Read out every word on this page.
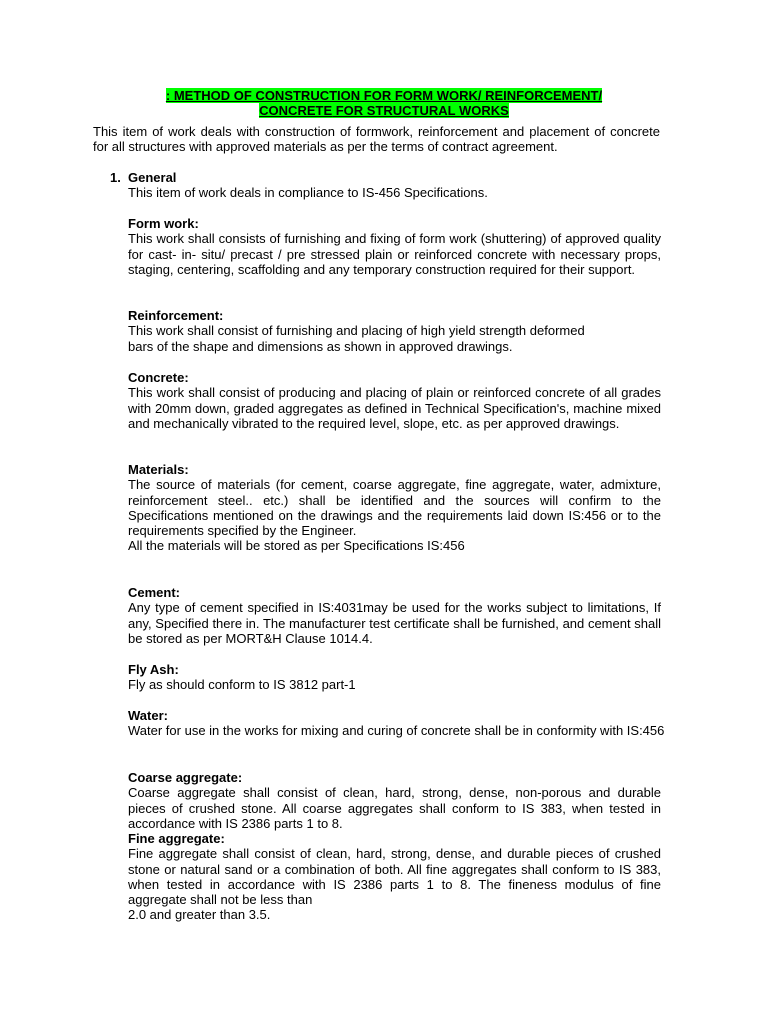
: METHOD OF CONSTRUCTION FOR FORM WORK/ REINFORCEMENT/
CONCRETE FOR STRUCTURAL WORKS
This item of work deals with construction of formwork, reinforcement and placement of concrete for all structures with approved materials as per the terms of contract agreement.
1. General
This item of work deals in compliance to IS-456 Specifications.
Form work:
This work shall consists of furnishing and fixing of form work (shuttering) of approved quality for cast- in- situ/ precast / pre stressed plain or reinforced concrete with necessary props, staging, centering, scaffolding and any temporary construction required for their support.
Reinforcement:
This work shall consist of furnishing and placing of high yield strength deformed
bars of the shape and dimensions as shown in approved drawings.
Concrete:
This work shall consist of producing and placing of plain or reinforced concrete of all grades with 20mm down, graded aggregates as defined in Technical Specification's, machine mixed and mechanically vibrated to the required level, slope, etc. as per approved drawings.
Materials:
The source of materials (for cement, coarse aggregate, fine aggregate, water, admixture, reinforcement steel.. etc.) shall be identified and the sources will confirm to the Specifications mentioned on the drawings and the requirements laid down IS:456 or to the requirements specified by the Engineer.
All the materials will be stored as per Specifications IS:456
Cement:
Any type of cement specified in IS:4031may be used for the works subject to limitations, If any, Specified there in. The manufacturer test certificate shall be furnished, and cement shall be stored as per MORT&H Clause 1014.4.
Fly Ash:
Fly as should conform to IS 3812 part-1
Water:
Water for use in the works for mixing and curing of concrete shall be in conformity with IS:456
Coarse aggregate:
Coarse aggregate shall consist of clean, hard, strong, dense, non-porous and durable pieces of crushed stone. All coarse aggregates shall conform to IS 383, when tested in accordance with IS 2386 parts 1 to 8.
Fine aggregate:
Fine aggregate shall consist of clean, hard, strong, dense, and durable pieces of crushed stone or natural sand or a combination of both. All fine aggregates shall conform to IS 383, when tested in accordance with IS 2386 parts 1 to 8. The fineness modulus of fine aggregate shall not be less than
2.0 and greater than 3.5.
